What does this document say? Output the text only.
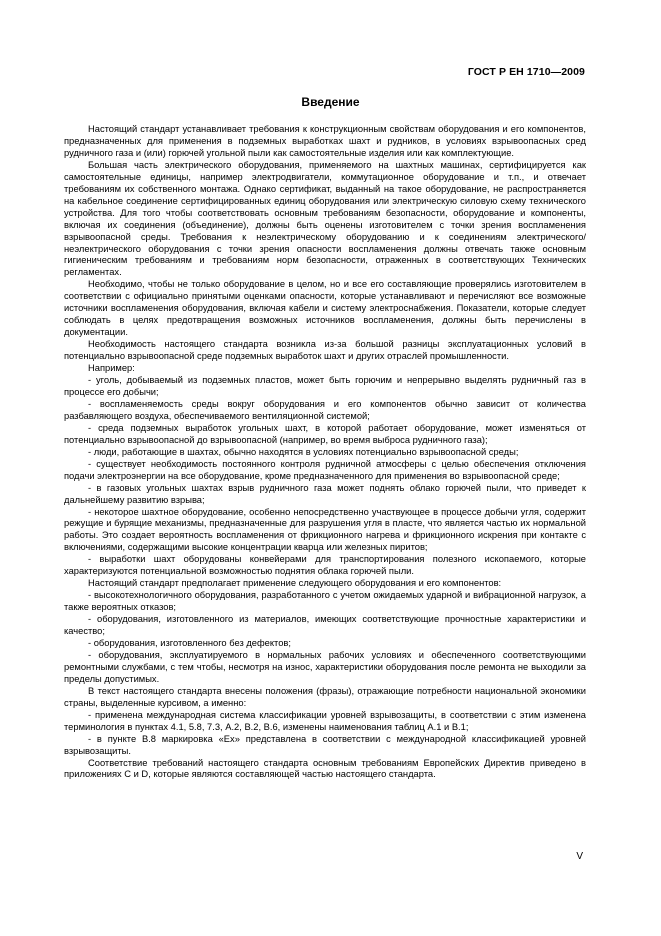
ГОСТ Р ЕН 1710—2009
Введение

Настоящий стандарт устанавливает требования к конструкционным свойствам оборудования и его компонентов, предназначенных для применения в подземных выработках шахт и рудников, в условиях взрывоопасных сред рудничного газа и (или) горючей угольной пыли как самостоятельные изделия или как комплектующие.

Большая часть электрического оборудования, применяемого на шахтных машинах, сертифицируется как самостоятельные единицы, например электродвигатели, коммутационное оборудование и т.п., и отвечает требованиям их собственного монтажа. Однако сертификат, выданный на такое оборудование, не распространяется на кабельное соединение сертифицированных единиц оборудования или электрическую силовую схему технического устройства. Для того чтобы соответствовать основным требованиям безопасности, оборудование и компоненты, включая их соединения (объединение), должны быть оценены изготовителем с точки зрения воспламенения взрывоопасной среды. Требования к неэлектрическому оборудованию и к соединениям электрического/неэлектрического оборудования с точки зрения опасности воспламенения должны отвечать также основным гигиеническим требованиям и требованиям норм безопасности, отраженных в соответствующих Технических регламентах.

Необходимо, чтобы не только оборудование в целом, но и все его составляющие проверялись изготовителем в соответствии с официально принятыми оценками опасности, которые устанавливают и перечисляют все возможные источники воспламенения оборудования, включая кабели и систему электроснабжения. Показатели, которые следует соблюдать в целях предотвращения возможных источников воспламенения, должны быть перечислены в документации.

Необходимость настоящего стандарта возникла из-за большой разницы эксплуатационных условий в потенциально взрывоопасной среде подземных выработок шахт и других отраслей промышленности.

Например:

- уголь, добываемый из подземных пластов, может быть горючим и непрерывно выделять рудничный газ в процессе его добычи;

- воспламеняемость среды вокруг оборудования и его компонентов обычно зависит от количества разбавляющего воздуха, обеспечиваемого вентиляционной системой;

- среда подземных выработок угольных шахт, в которой работает оборудование, может изменяться от потенциально взрывоопасной до взрывоопасной (например, во время выброса рудничного газа);

- люди, работающие в шахтах, обычно находятся в условиях потенциально взрывоопасной среды;

- существует необходимость постоянного контроля рудничной атмосферы с целью обеспечения отключения подачи электроэнергии на все оборудование, кроме предназначенного для применения во взрывоопасной среде;

- в газовых угольных шахтах взрыв рудничного газа может поднять облако горючей пыли, что приведет к дальнейшему развитию взрыва;

- некоторое шахтное оборудование, особенно непосредственно участвующее в процессе добычи угля, содержит режущие и бурящие механизмы, предназначенные для разрушения угля в пласте, что является частью их нормальной работы. Это создает вероятность воспламенения от фрикционного нагрева и фрикционного искрения при контакте с включениями, содержащими высокие концентрации кварца или железных пиритов;

- выработки шахт оборудованы конвейерами для транспортирования полезного ископаемого, которые характеризуются потенциальной возможностью поднятия облака горючей пыли.

Настоящий стандарт предполагает применение следующего оборудования и его компонентов:

- высокотехнологичного оборудования, разработанного с учетом ожидаемых ударной и вибрационной нагрузок, а также вероятных отказов;

- оборудования, изготовленного из материалов, имеющих соответствующие прочностные характеристики и качество;

- оборудования, изготовленного без дефектов;

- оборудования, эксплуатируемого в нормальных рабочих условиях и обеспеченного соответствующими ремонтными службами, с тем чтобы, несмотря на износ, характеристики оборудования после ремонта не выходили за пределы допустимых.

В текст настоящего стандарта внесены положения (фразы), отражающие потребности национальной экономики страны, выделенные курсивом, а именно:

- применена международная система классификации уровней взрывозащиты, в соответствии с этим изменена терминология в пунктах 4.1, 5.8, 7.3, А.2, В.2, В.6, изменены наименования таблиц А.1 и В.1;

- в пункте В.8 маркировка «Ex» представлена в соответствии с международной классификацией уровней взрывозащиты.

Соответствие требований настоящего стандарта основным требованиям Европейских Директив приведено в приложениях С и D, которые являются составляющей частью настоящего стандарта.

V
